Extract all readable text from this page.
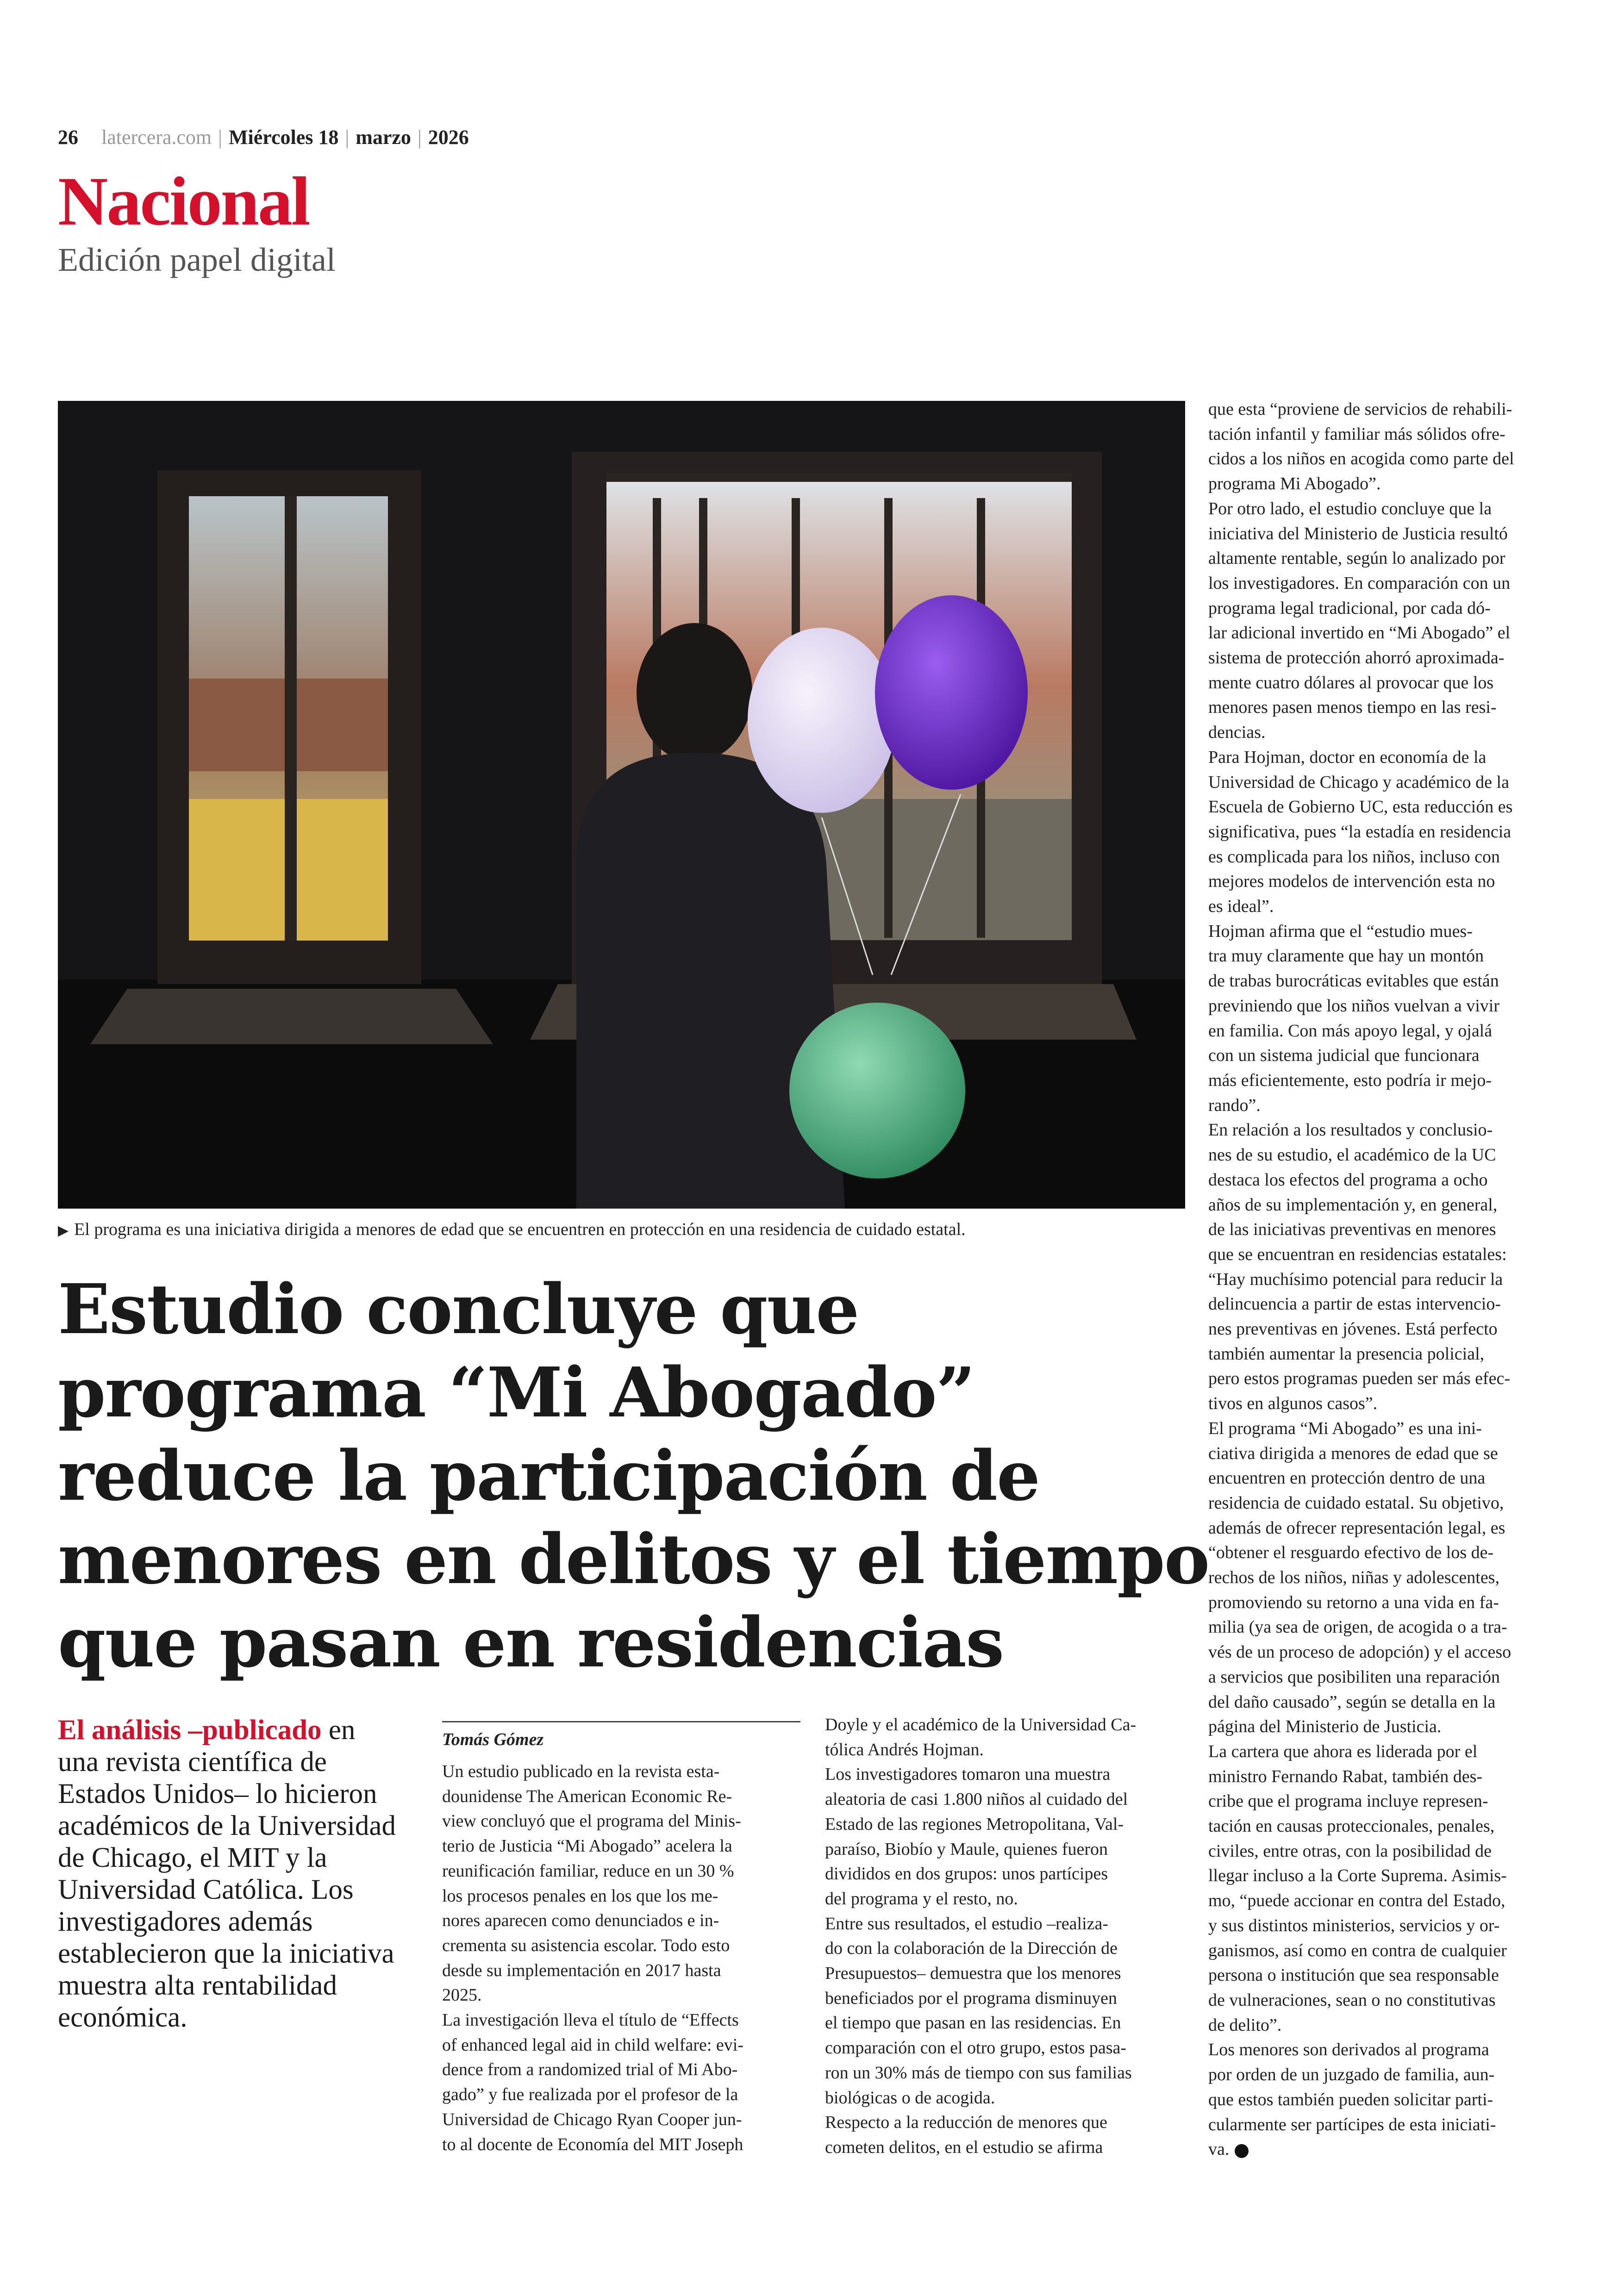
26 latercera.com | Miércoles 18 | marzo | 2026
Nacional
Edición papel digital
▶ El programa es una iniciativa dirigida a menores de edad que se encuentren en protección en una residencia de cuidado estatal.
Estudio concluye que
programa “Mi Abogado”
reduce la participación de
menores en delitos y el tiempo
que pasan en residencias
El análisis –publicado en
una revista científica de
Estados Unidos– lo hicieron
académicos de la Universidad
de Chicago, el MIT y la
Universidad Católica. Los
investigadores además
establecieron que la iniciativa
muestra alta rentabilidad
económica.
Tomás Gómez
Un estudio publicado en la revista esta-
dounidense The American Economic Re-
view concluyó que el programa del Minis-
terio de Justicia “Mi Abogado” acelera la
reunificación familiar, reduce en un 30 %
los procesos penales en los que los me-
nores aparecen como denunciados e in-
crementa su asistencia escolar. Todo esto
desde su implementación en 2017 hasta
2025.
La investigación lleva el título de “Effects
of enhanced legal aid in child welfare: evi-
dence from a randomized trial of Mi Abo-
gado” y fue realizada por el profesor de la
Universidad de Chicago Ryan Cooper jun-
to al docente de Economía del MIT Joseph
Doyle y el académico de la Universidad Ca-
tólica Andrés Hojman.
Los investigadores tomaron una muestra
aleatoria de casi 1.800 niños al cuidado del
Estado de las regiones Metropolitana, Val-
paraíso, Biobío y Maule, quienes fueron
divididos en dos grupos: unos partícipes
del programa y el resto, no.
Entre sus resultados, el estudio –realiza-
do con la colaboración de la Dirección de
Presupuestos– demuestra que los menores
beneficiados por el programa disminuyen
el tiempo que pasan en las residencias. En
comparación con el otro grupo, estos pasa-
ron un 30% más de tiempo con sus familias
biológicas o de acogida.
Respecto a la reducción de menores que
cometen delitos, en el estudio se afirma
que esta “proviene de servicios de rehabili-
tación infantil y familiar más sólidos ofre-
cidos a los niños en acogida como parte del
programa Mi Abogado”.
Por otro lado, el estudio concluye que la
iniciativa del Ministerio de Justicia resultó
altamente rentable, según lo analizado por
los investigadores. En comparación con un
programa legal tradicional, por cada dó-
lar adicional invertido en “Mi Abogado” el
sistema de protección ahorró aproximada-
mente cuatro dólares al provocar que los
menores pasen menos tiempo en las resi-
dencias.
Para Hojman, doctor en economía de la
Universidad de Chicago y académico de la
Escuela de Gobierno UC, esta reducción es
significativa, pues “la estadía en residencia
es complicada para los niños, incluso con
mejores modelos de intervención esta no
es ideal”.
Hojman afirma que el “estudio mues-
tra muy claramente que hay un montón
de trabas burocráticas evitables que están
previniendo que los niños vuelvan a vivir
en familia. Con más apoyo legal, y ojalá
con un sistema judicial que funcionara
más eficientemente, esto podría ir mejo-
rando”.
En relación a los resultados y conclusio-
nes de su estudio, el académico de la UC
destaca los efectos del programa a ocho
años de su implementación y, en general,
de las iniciativas preventivas en menores
que se encuentran en residencias estatales:
“Hay muchísimo potencial para reducir la
delincuencia a partir de estas intervencio-
nes preventivas en jóvenes. Está perfecto
también aumentar la presencia policial,
pero estos programas pueden ser más efec-
tivos en algunos casos”.
El programa “Mi Abogado” es una ini-
ciativa dirigida a menores de edad que se
encuentren en protección dentro de una
residencia de cuidado estatal. Su objetivo,
además de ofrecer representación legal, es
“obtener el resguardo efectivo de los de-
rechos de los niños, niñas y adolescentes,
promoviendo su retorno a una vida en fa-
milia (ya sea de origen, de acogida o a tra-
vés de un proceso de adopción) y el acceso
a servicios que posibiliten una reparación
del daño causado”, según se detalla en la
página del Ministerio de Justicia.
La cartera que ahora es liderada por el
ministro Fernando Rabat, también des-
cribe que el programa incluye represen-
tación en causas proteccionales, penales,
civiles, entre otras, con la posibilidad de
llegar incluso a la Corte Suprema. Asimis-
mo, “puede accionar en contra del Estado,
y sus distintos ministerios, servicios y or-
ganismos, así como en contra de cualquier
persona o institución que sea responsable
de vulneraciones, sean o no constitutivas
de delito”.
Los menores son derivados al programa
por orden de un juzgado de familia, aun-
que estos también pueden solicitar parti-
cularmente ser partícipes de esta iniciati-
va.
